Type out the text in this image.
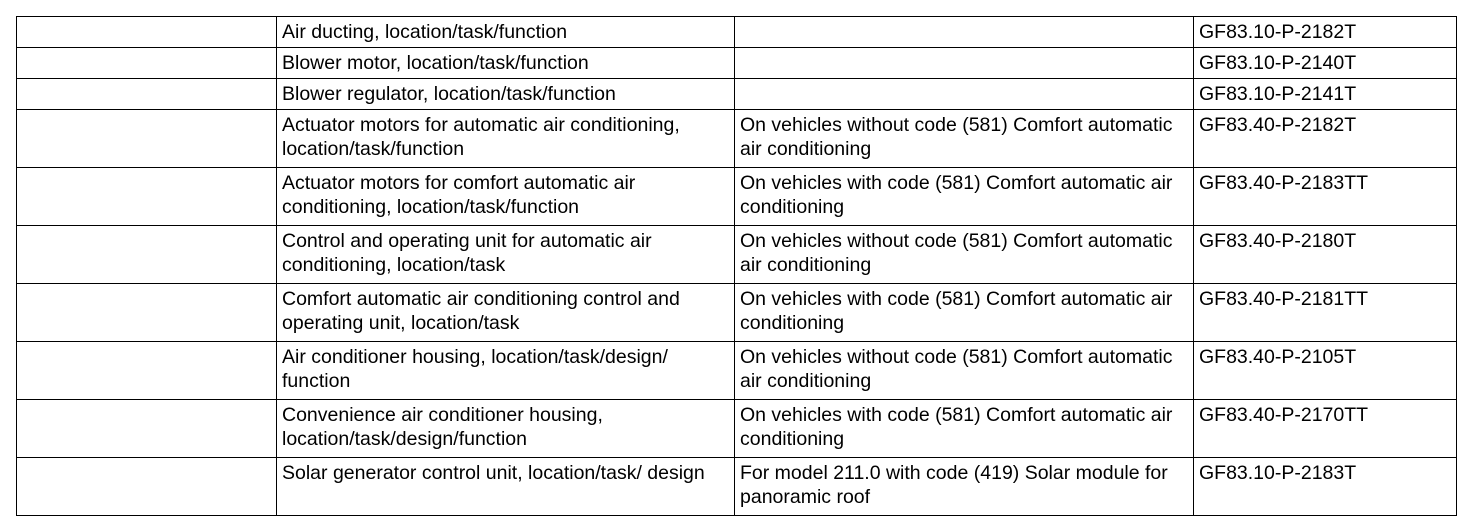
	Air ducting, location/task/function		GF83.10-P-2182T
	Blower motor, location/task/function		GF83.10-P-2140T
	Blower regulator, location/task/function		GF83.10-P-2141T
	Actuator motors for automatic air conditioning, location/task/function	On vehicles without code (581) Comfort automatic air conditioning	GF83.40-P-2182T
	Actuator motors for comfort automatic air conditioning, location/task/function	On vehicles with code (581) Comfort automatic air conditioning	GF83.40-P-2183TT
	Control and operating unit for automatic air conditioning, location/task	On vehicles without code (581) Comfort automatic air conditioning	GF83.40-P-2180T
	Comfort automatic air conditioning control and operating unit, location/task	On vehicles with code (581) Comfort automatic air conditioning	GF83.40-P-2181TT
	Air conditioner housing, location/task/design/ function	On vehicles without code (581) Comfort automatic air conditioning	GF83.40-P-2105T
	Convenience air conditioner housing, location/task/design/function	On vehicles with code (581) Comfort automatic air conditioning	GF83.40-P-2170TT
	Solar generator control unit, location/task/ design	For model 211.0 with code (419) Solar module for panoramic roof	GF83.10-P-2183T
